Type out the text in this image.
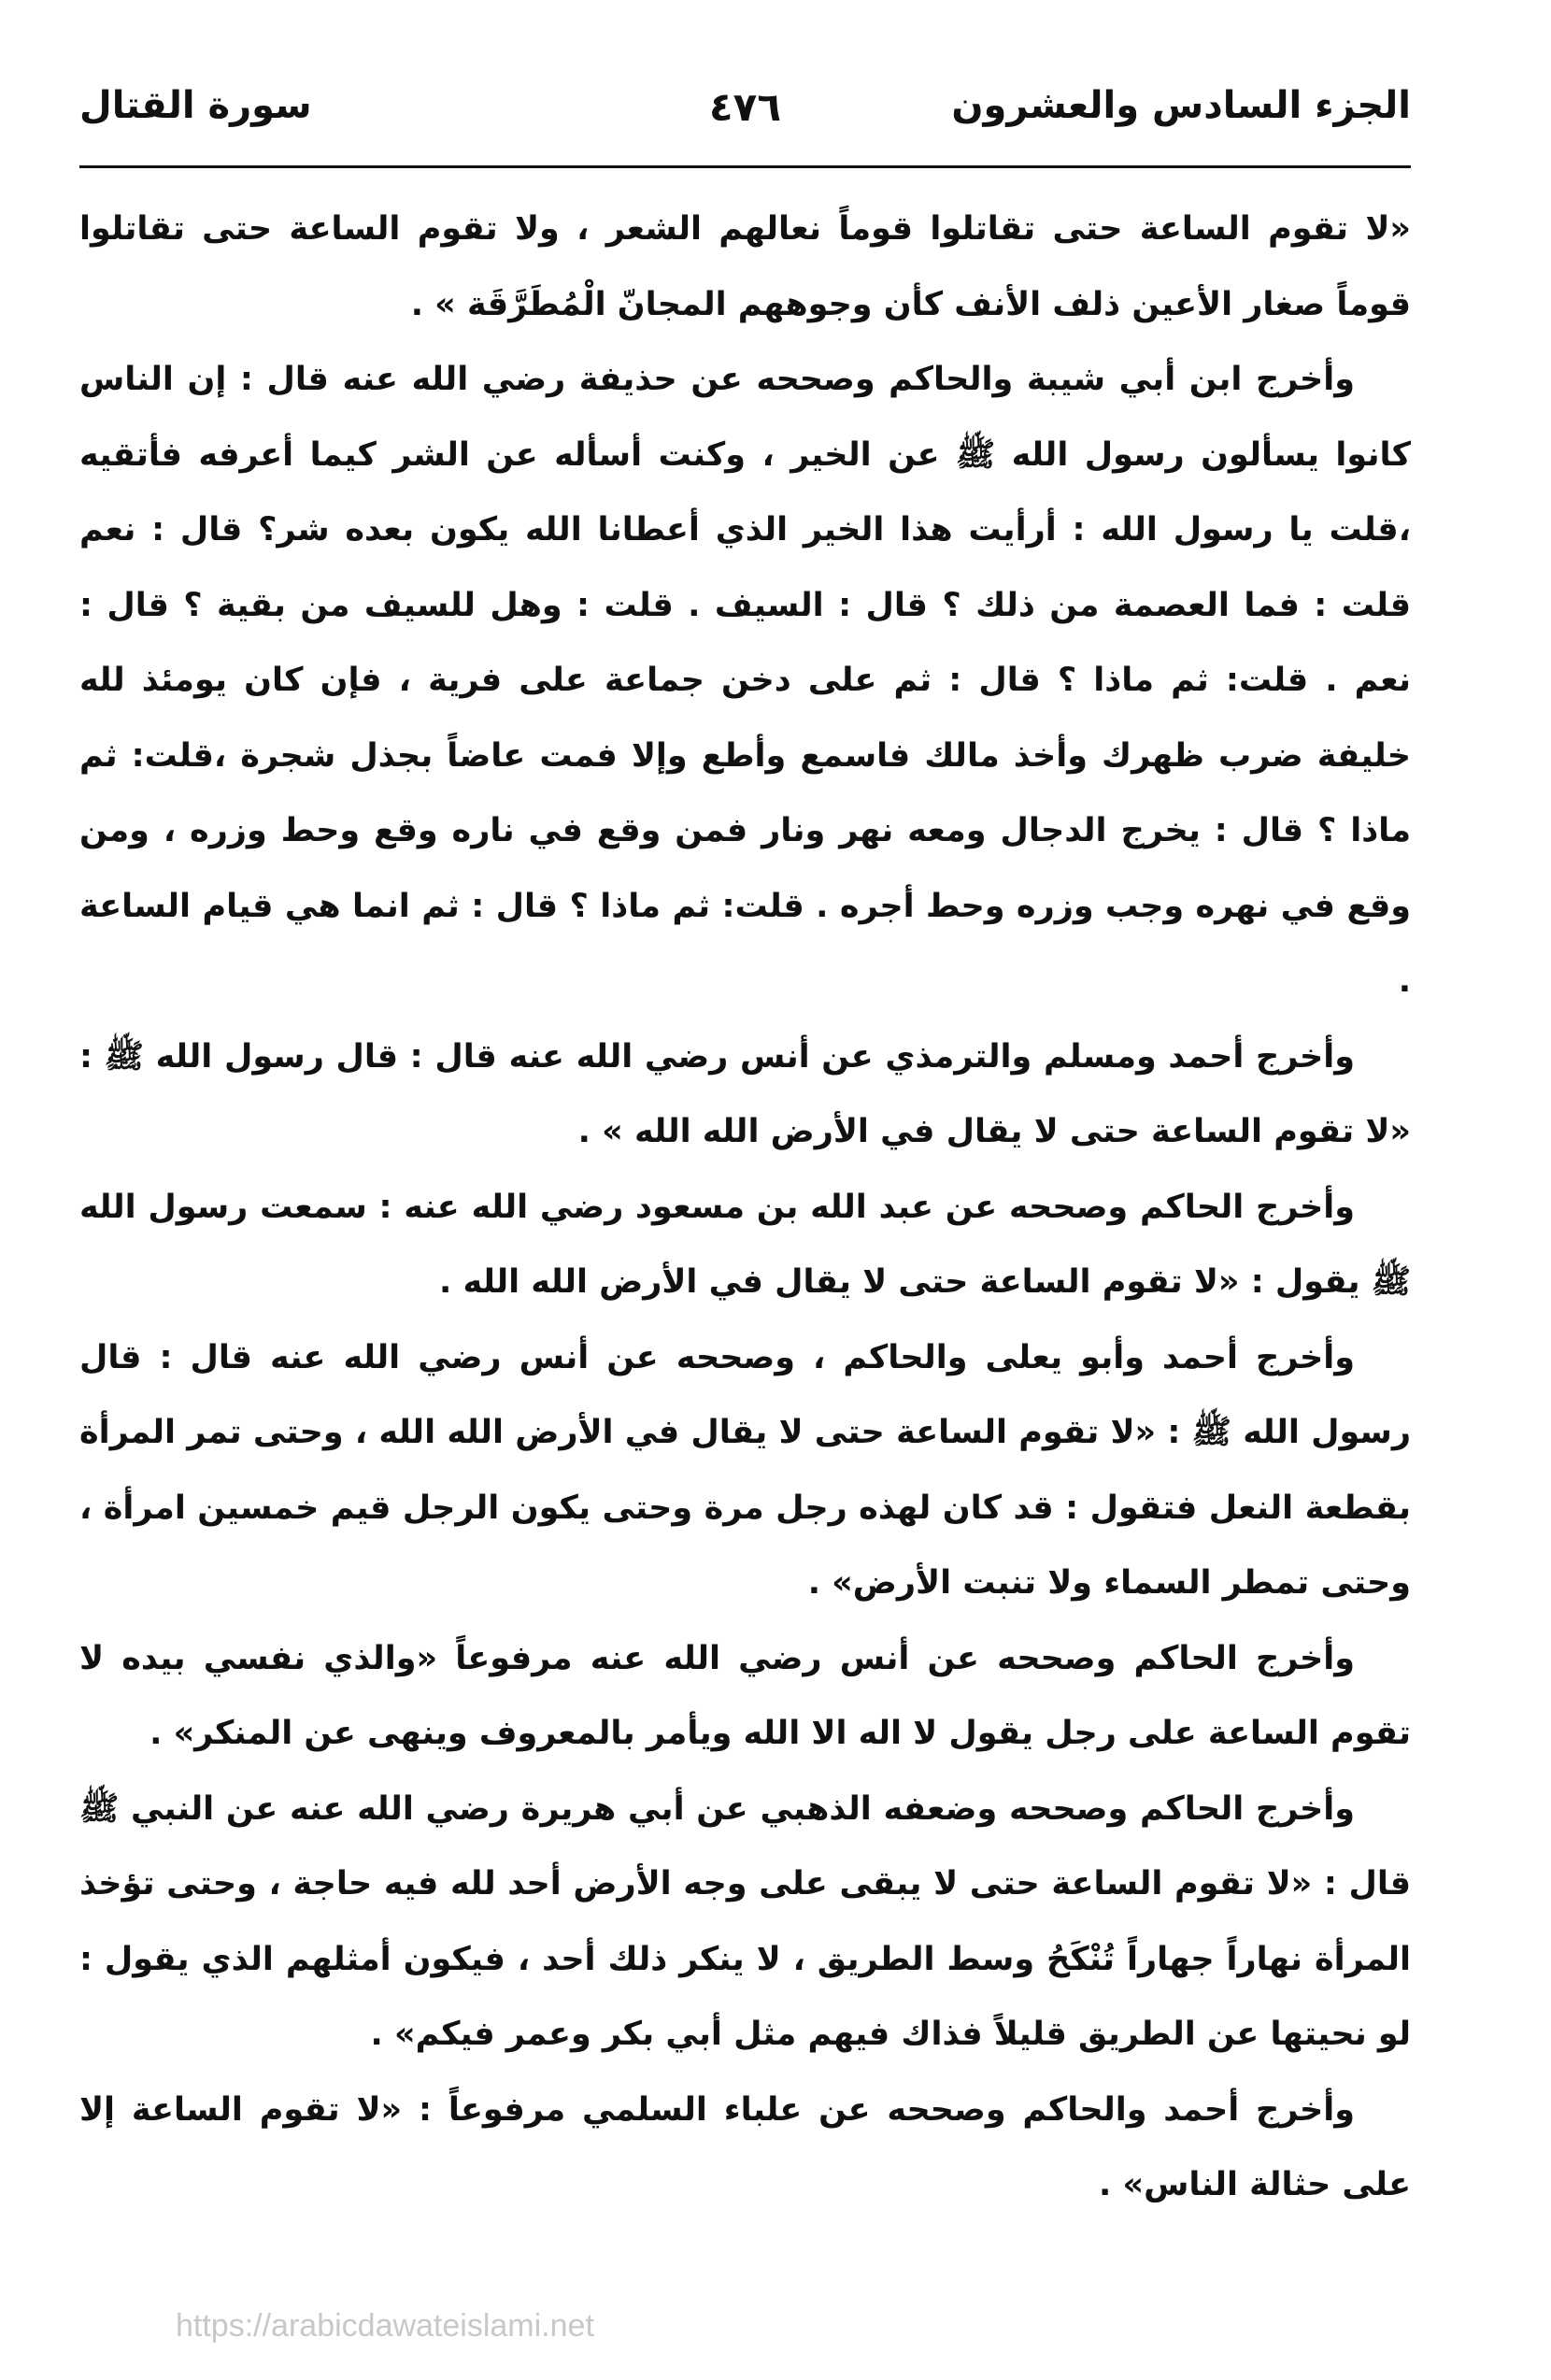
الجزء السادس والعشرون
٤٧٦
سورة القتال

«لا تقوم الساعة حتى تقاتلوا قوماً نعالهم الشعر ، ولا تقوم الساعة حتى تقاتلوا قوماً صغار الأعين ذلف الأنف كأن وجوههم المجانّ الْمُطَرَّقَة » .

وأخرج ابن أبي شيبة والحاكم وصححه عن حذيفة رضي الله عنه قال : إن الناس كانوا يسألون رسول الله ﷺ عن الخير ، وكنت أسأله عن الشر كيما أعرفه فأتقيه ،قلت يا رسول الله : أرأيت هذا الخير الذي أعطانا الله يكون بعده شر؟ قال : نعم قلت : فما العصمة من ذلك ؟ قال : السيف . قلت : وهل للسيف من بقية ؟ قال : نعم . قلت: ثم ماذا ؟ قال : ثم على دخن جماعة على فرية ، فإن كان يومئذ لله خليفة ضرب ظهرك وأخذ مالك فاسمع وأطع وإلا فمت عاضاً بجذل شجرة ،قلت: ثم ماذا ؟ قال : يخرج الدجال ومعه نهر ونار فمن وقع في ناره وقع وحط وزره ، ومن وقع في نهره وجب وزره وحط أجره . قلت: ثم ماذا ؟ قال : ثم انما هي قيام الساعة .

وأخرج أحمد ومسلم والترمذي عن أنس رضي الله عنه قال : قال رسول الله ﷺ : «لا تقوم الساعة حتى لا يقال في الأرض الله الله » .

وأخرج الحاكم وصححه عن عبد الله بن مسعود رضي الله عنه : سمعت رسول الله ﷺ يقول : «لا تقوم الساعة حتى لا يقال في الأرض الله الله .

وأخرج أحمد وأبو يعلى والحاكم ، وصححه عن أنس رضي الله عنه قال : قال رسول الله ﷺ : «لا تقوم الساعة حتى لا يقال في الأرض الله الله ، وحتى تمر المرأة بقطعة النعل فتقول : قد كان لهذه رجل مرة وحتى يكون الرجل قيم خمسين امرأة ، وحتى تمطر السماء ولا تنبت الأرض» .

وأخرج الحاكم وصححه عن أنس رضي الله عنه مرفوعاً «والذي نفسي بيده لا تقوم الساعة على رجل يقول لا اله الا الله ويأمر بالمعروف وينهى عن المنكر» .

وأخرج الحاكم وصححه وضعفه الذهبي عن أبي هريرة رضي الله عنه عن النبي ﷺ قال : «لا تقوم الساعة حتى لا يبقى على وجه الأرض أحد لله فيه حاجة ، وحتى تؤخذ المرأة نهاراً جهاراً تُنْكَحُ وسط الطريق ، لا ينكر ذلك أحد ، فيكون أمثلهم الذي يقول : لو نحيتها عن الطريق قليلاً فذاك فيهم مثل أبي بكر وعمر فيكم» .

وأخرج أحمد والحاكم وصححه عن علباء السلمي مرفوعاً : «لا تقوم الساعة إلا على حثالة الناس» .

https://arabicdawateislami.net
